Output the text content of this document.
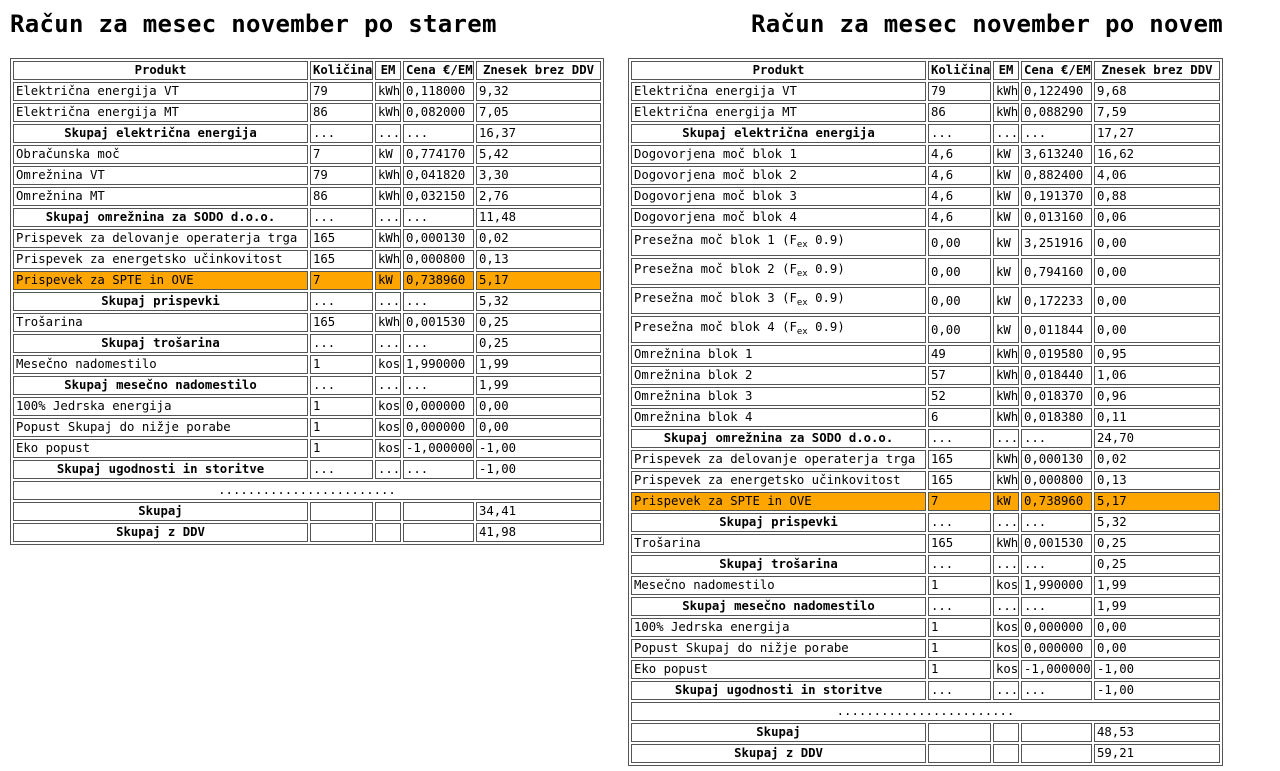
Račun za mesec november po starem
Produkt	Količina	EM	Cena €/EM	Znesek brez DDV
Električna energija VT	79	kWh	0,118000	9,32
Električna energija MT	86	kWh	0,082000	7,05
Skupaj električna energija	...	...	...	16,37
Obračunska moč	7	kW	0,774170	5,42
Omrežnina VT	79	kWh	0,041820	3,30
Omrežnina MT	86	kWh	0,032150	2,76
Skupaj omrežnina za SODO d.o.o.	...	...	...	11,48
Prispevek za delovanje operaterja trga	165	kWh	0,000130	0,02
Prispevek za energetsko učinkovitost	165	kWh	0,000800	0,13
Prispevek za SPTE in OVE	7	kW	0,738960	5,17
Skupaj prispevki	...	...	...	5,32
Trošarina	165	kWh	0,001530	0,25
Skupaj trošarina	...	...	...	0,25
Mesečno nadomestilo	1	kos	1,990000	1,99
Skupaj mesečno nadomestilo	...	...	...	1,99
100% Jedrska energija	1	kos	0,000000	0,00
Popust Skupaj do nižje porabe	1	kos	0,000000	0,00
Eko popust	1	kos	-1,000000	-1,00
Skupaj ugodnosti in storitve	...	...	...	-1,00
........................				
Skupaj				34,41
Skupaj z DDV				41,98
Račun za mesec november po novem
Produkt	Količina	EM	Cena €/EM	Znesek brez DDV
Električna energija VT	79	kWh	0,122490	9,68
Električna energija MT	86	kWh	0,088290	7,59
Skupaj električna energija	...	...	...	17,27
Dogovorjena moč blok 1	4,6	kW	3,613240	16,62
Dogovorjena moč blok 2	4,6	kW	0,882400	4,06
Dogovorjena moč blok 3	4,6	kW	0,191370	0,88
Dogovorjena moč blok 4	4,6	kW	0,013160	0,06
Presežna moč blok 1 ($F_{ex}$ 0.9)	0,00	kW	3,251916	0,00
Presežna moč blok 2 ($F_{ex}$ 0.9)	0,00	kW	0,794160	0,00
Presežna moč blok 3 ($F_{ex}$ 0.9)	0,00	kW	0,172233	0,00
Presežna moč blok 4 ($F_{ex}$ 0.9)	0,00	kW	0,011844	0,00
Omrežnina blok 1	49	kWh	0,019580	0,95
Omrežnina blok 2	57	kWh	0,018440	1,06
Omrežnina blok 3	52	kWh	0,018370	0,96
Omrežnina blok 4	6	kWh	0,018380	0,11
Skupaj omrežnina za SODO d.o.o.	...	...	...	24,70
Prispevek za delovanje operaterja trga	165	kWh	0,000130	0,02
Prispevek za energetsko učinkovitost	165	kWh	0,000800	0,13
Prispevek za SPTE in OVE	7	kW	0,738960	5,17
Skupaj prispevki	...	...	...	5,32
Trošarina	165	kWh	0,001530	0,25
Skupaj trošarina	...	...	...	0,25
Mesečno nadomestilo	1	kos	1,990000	1,99
Skupaj mesečno nadomestilo	...	...	...	1,99
100% Jedrska energija	1	kos	0,000000	0,00
Popust Skupaj do nižje porabe	1	kos	0,000000	0,00
Eko popust	1	kos	-1,000000	-1,00
Skupaj ugodnosti in storitve	...	...	...	-1,00
........................				
Skupaj				48,53
Skupaj z DDV				59,21
